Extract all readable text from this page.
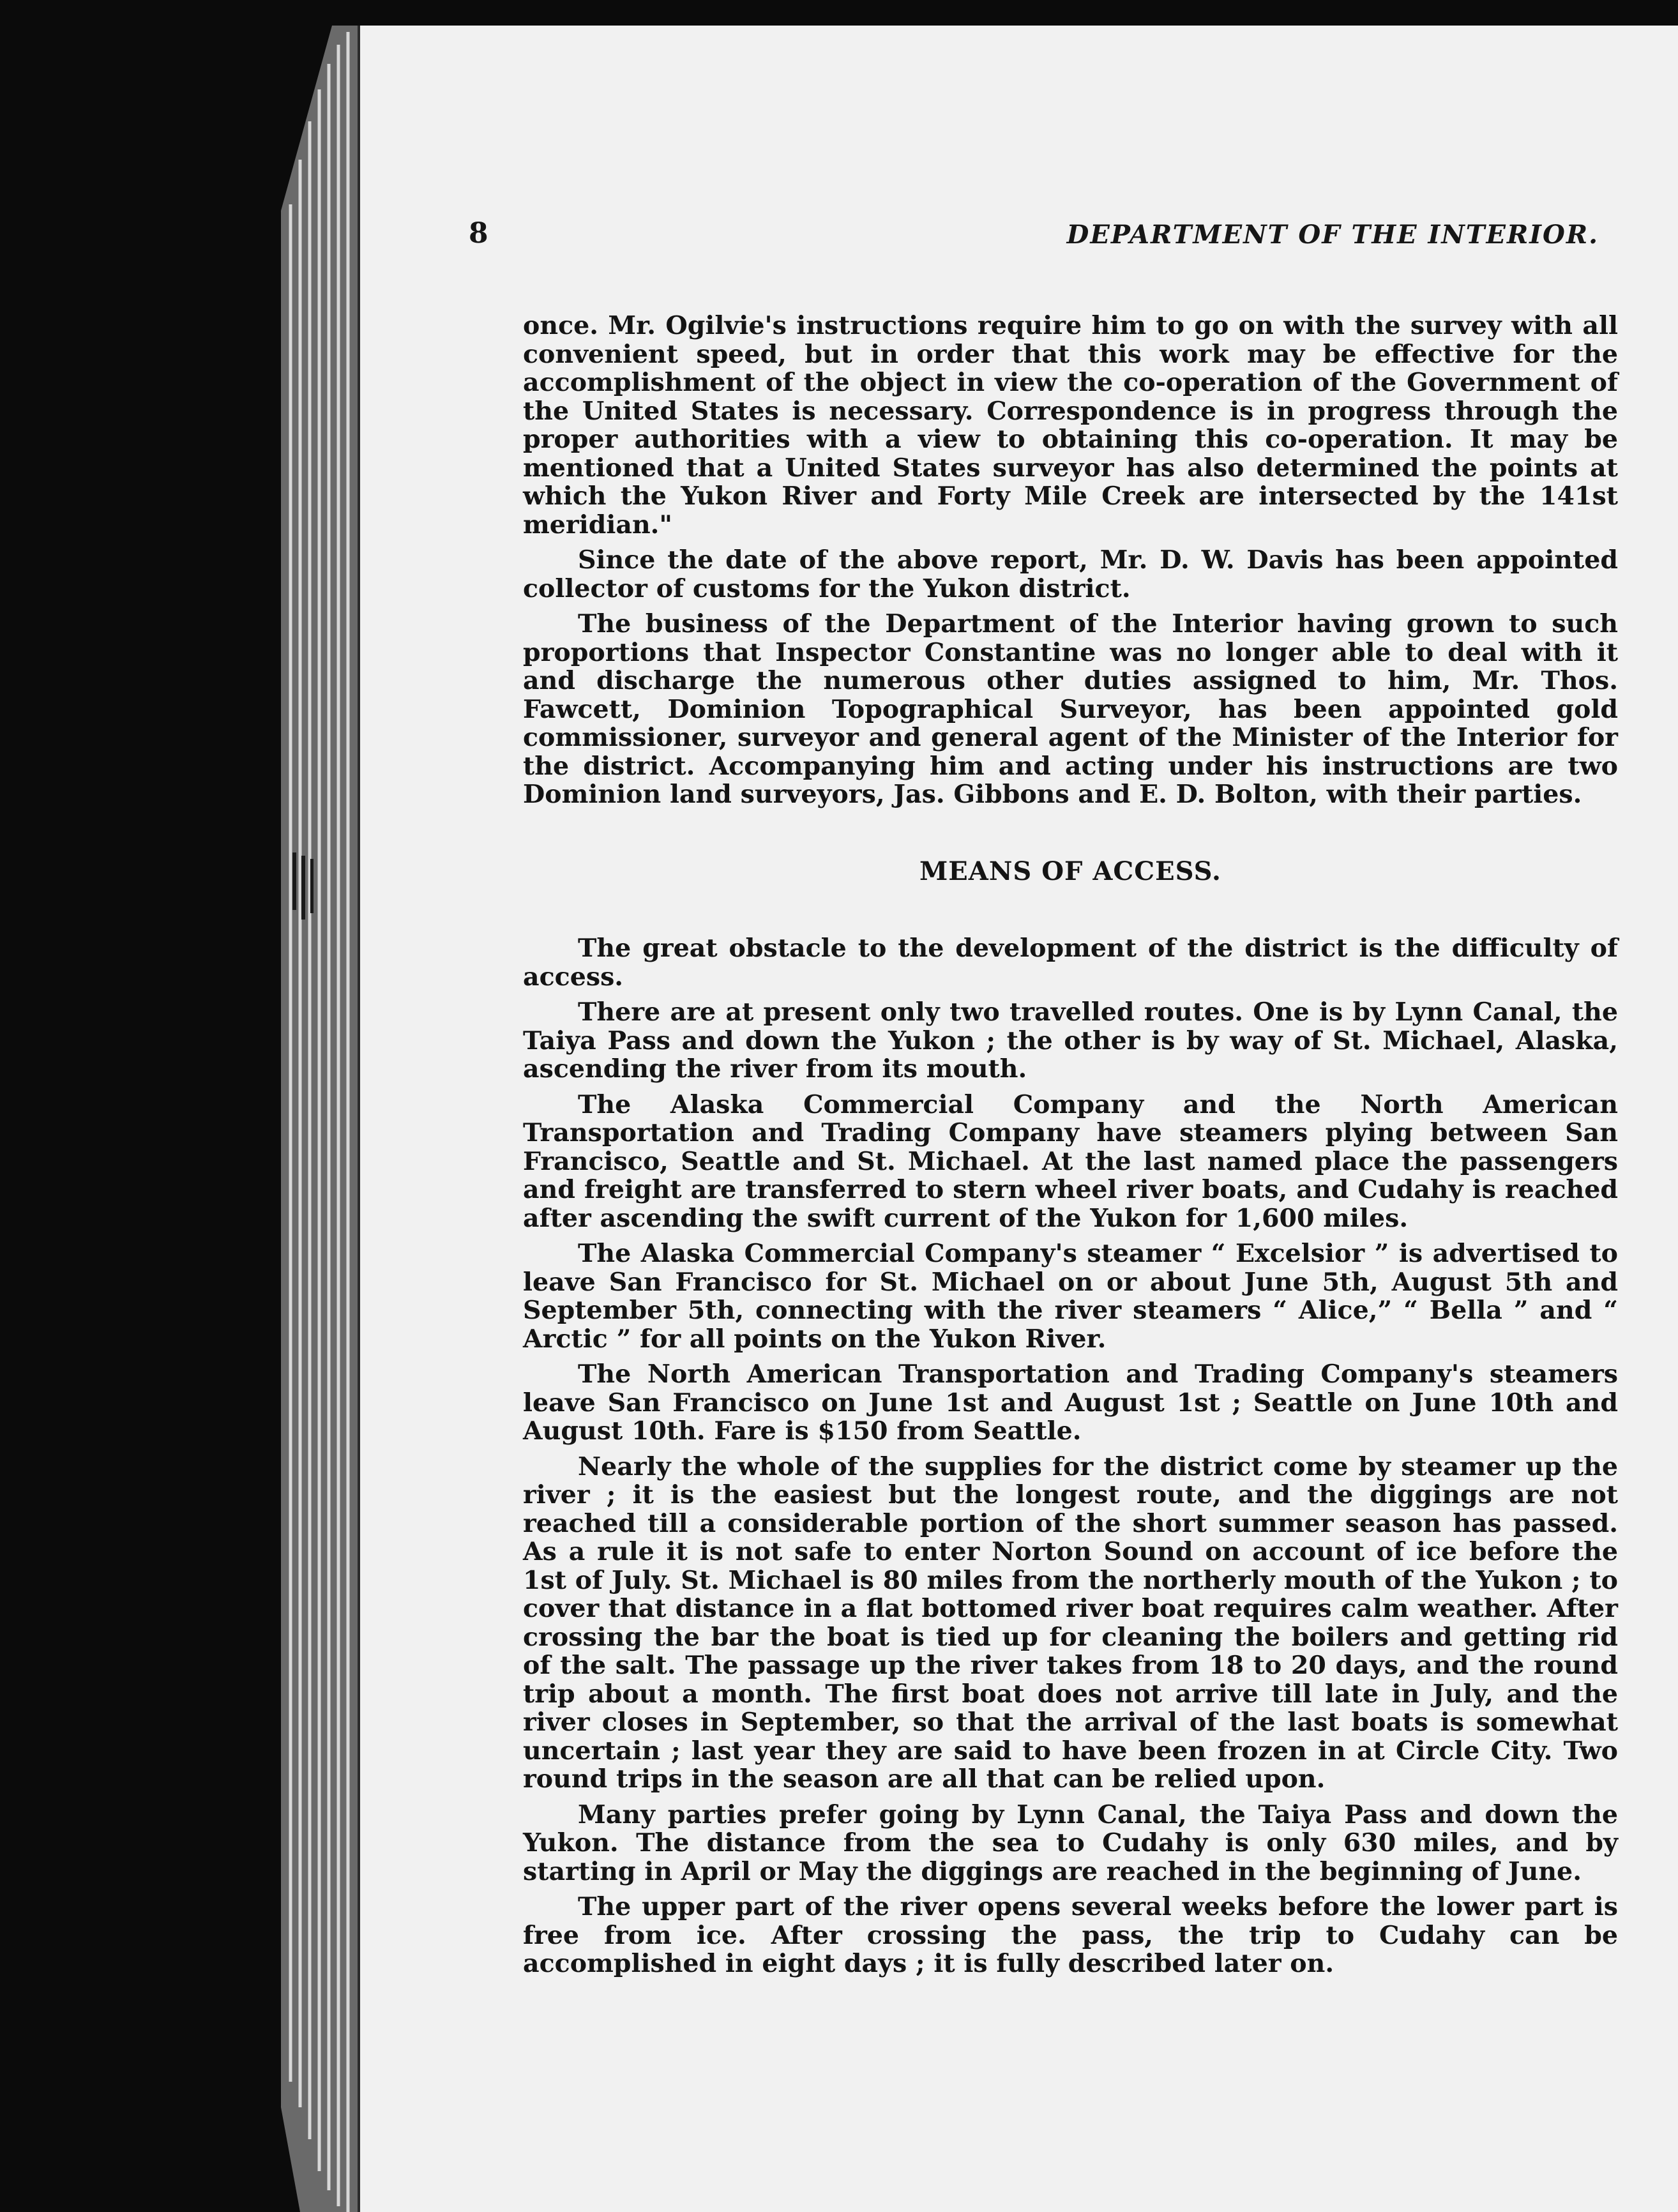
8	DEPARTMENT OF THE INTERIOR.

once. Mr. Ogilvie's instructions require him to go on with the survey with all convenient speed, but in order that this work may be effective for the accomplishment of the object in view the co-operation of the Government of the United States is necessary. Correspondence is in progress through the proper authorities with a view to obtaining this co-operation. It may be mentioned that a United States surveyor has also determined the points at which the Yukon River and Forty Mile Creek are intersected by the 141st meridian."

Since the date of the above report, Mr. D. W. Davis has been appointed collector of customs for the Yukon district.

The business of the Department of the Interior having grown to such proportions that Inspector Constantine was no longer able to deal with it and discharge the numerous other duties assigned to him, Mr. Thos. Fawcett, Dominion Topographical Surveyor, has been appointed gold commissioner, surveyor and general agent of the Minister of the Interior for the district. Accompanying him and acting under his instructions are two Dominion land surveyors, Jas. Gibbons and E. D. Bolton, with their parties.

MEANS OF ACCESS.

The great obstacle to the development of the district is the difficulty of access.

There are at present only two travelled routes. One is by Lynn Canal, the Taiya Pass and down the Yukon ; the other is by way of St. Michael, Alaska, ascending the river from its mouth.

The Alaska Commercial Company and the North American Transportation and Trading Company have steamers plying between San Francisco, Seattle and St. Michael. At the last named place the passengers and freight are transferred to stern wheel river boats, and Cudahy is reached after ascending the swift current of the Yukon for 1,600 miles.

The Alaska Commercial Company's steamer “ Excelsior ” is advertised to leave San Francisco for St. Michael on or about June 5th, August 5th and September 5th, connecting with the river steamers “ Alice,” “ Bella ” and “ Arctic ” for all points on the Yukon River.

The North American Transportation and Trading Company's steamers leave San Francisco on June 1st and August 1st ; Seattle on June 10th and August 10th. Fare is $150 from Seattle.

Nearly the whole of the supplies for the district come by steamer up the river ; it is the easiest but the longest route, and the diggings are not reached till a considerable portion of the short summer season has passed. As a rule it is not safe to enter Norton Sound on account of ice before the 1st of July. St. Michael is 80 miles from the northerly mouth of the Yukon ; to cover that distance in a flat bottomed river boat requires calm weather. After crossing the bar the boat is tied up for cleaning the boilers and getting rid of the salt. The passage up the river takes from 18 to 20 days, and the round trip about a month. The first boat does not arrive till late in July, and the river closes in September, so that the arrival of the last boats is somewhat uncertain ; last year they are said to have been frozen in at Circle City. Two round trips in the season are all that can be relied upon.

Many parties prefer going by Lynn Canal, the Taiya Pass and down the Yukon. The distance from the sea to Cudahy is only 630 miles, and by starting in April or May the diggings are reached in the beginning of June.

The upper part of the river opens several weeks before the lower part is free from ice. After crossing the pass, the trip to Cudahy can be accomplished in eight days ; it is fully described later on.
